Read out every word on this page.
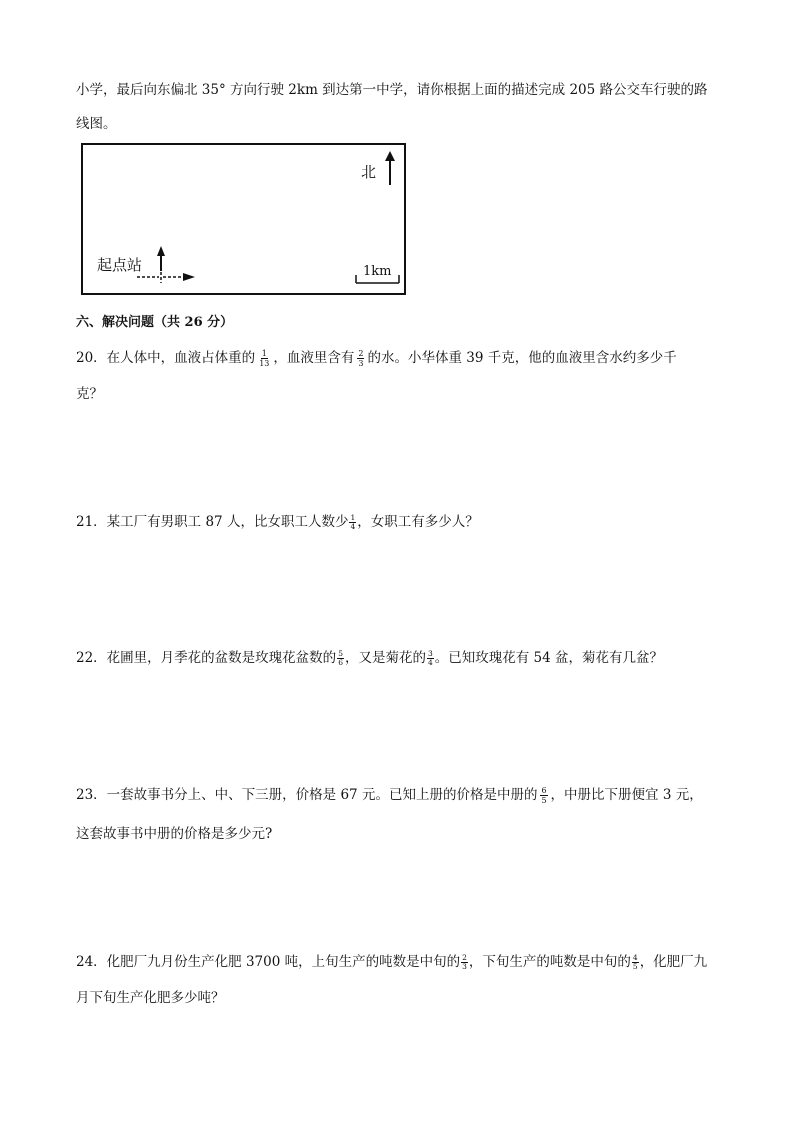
小学，最后向东偏北 35° 方向行驶 2km 到达第一中学，请你根据上面的描述完成 205 路公交车行驶的路
线图。
北
起点站	1km
六、解决问题（共 26 分）
20．在人体中，血液占体重的 $\frac{1}{13}$ ，血液里含有 $\frac{2}{3}$ 的水。小华体重 39 千克，他的血液里含水约多少千
克？
21．某工厂有男职工 87 人，比女职工人数少 $\frac{1}{4}$ ，女职工有多少人？
22．花圃里，月季花的盆数是玫瑰花盆数的 $\frac{5}{6}$ ，又是菊花的 $\frac{3}{4}$ 。已知玫瑰花有 54 盆，菊花有几盆？
23．一套故事书分上、中、下三册，价格是 67 元。已知上册的价格是中册的 $\frac{6}{5}$ ，中册比下册便宜 3 元，
这套故事书中册的价格是多少元?
24．化肥厂九月份生产化肥 3700 吨，上旬生产的吨数是中旬的 $\frac{2}{3}$ ，下旬生产的吨数是中旬的 $\frac{4}{5}$ ，化肥厂九
月下旬生产化肥多少吨？
